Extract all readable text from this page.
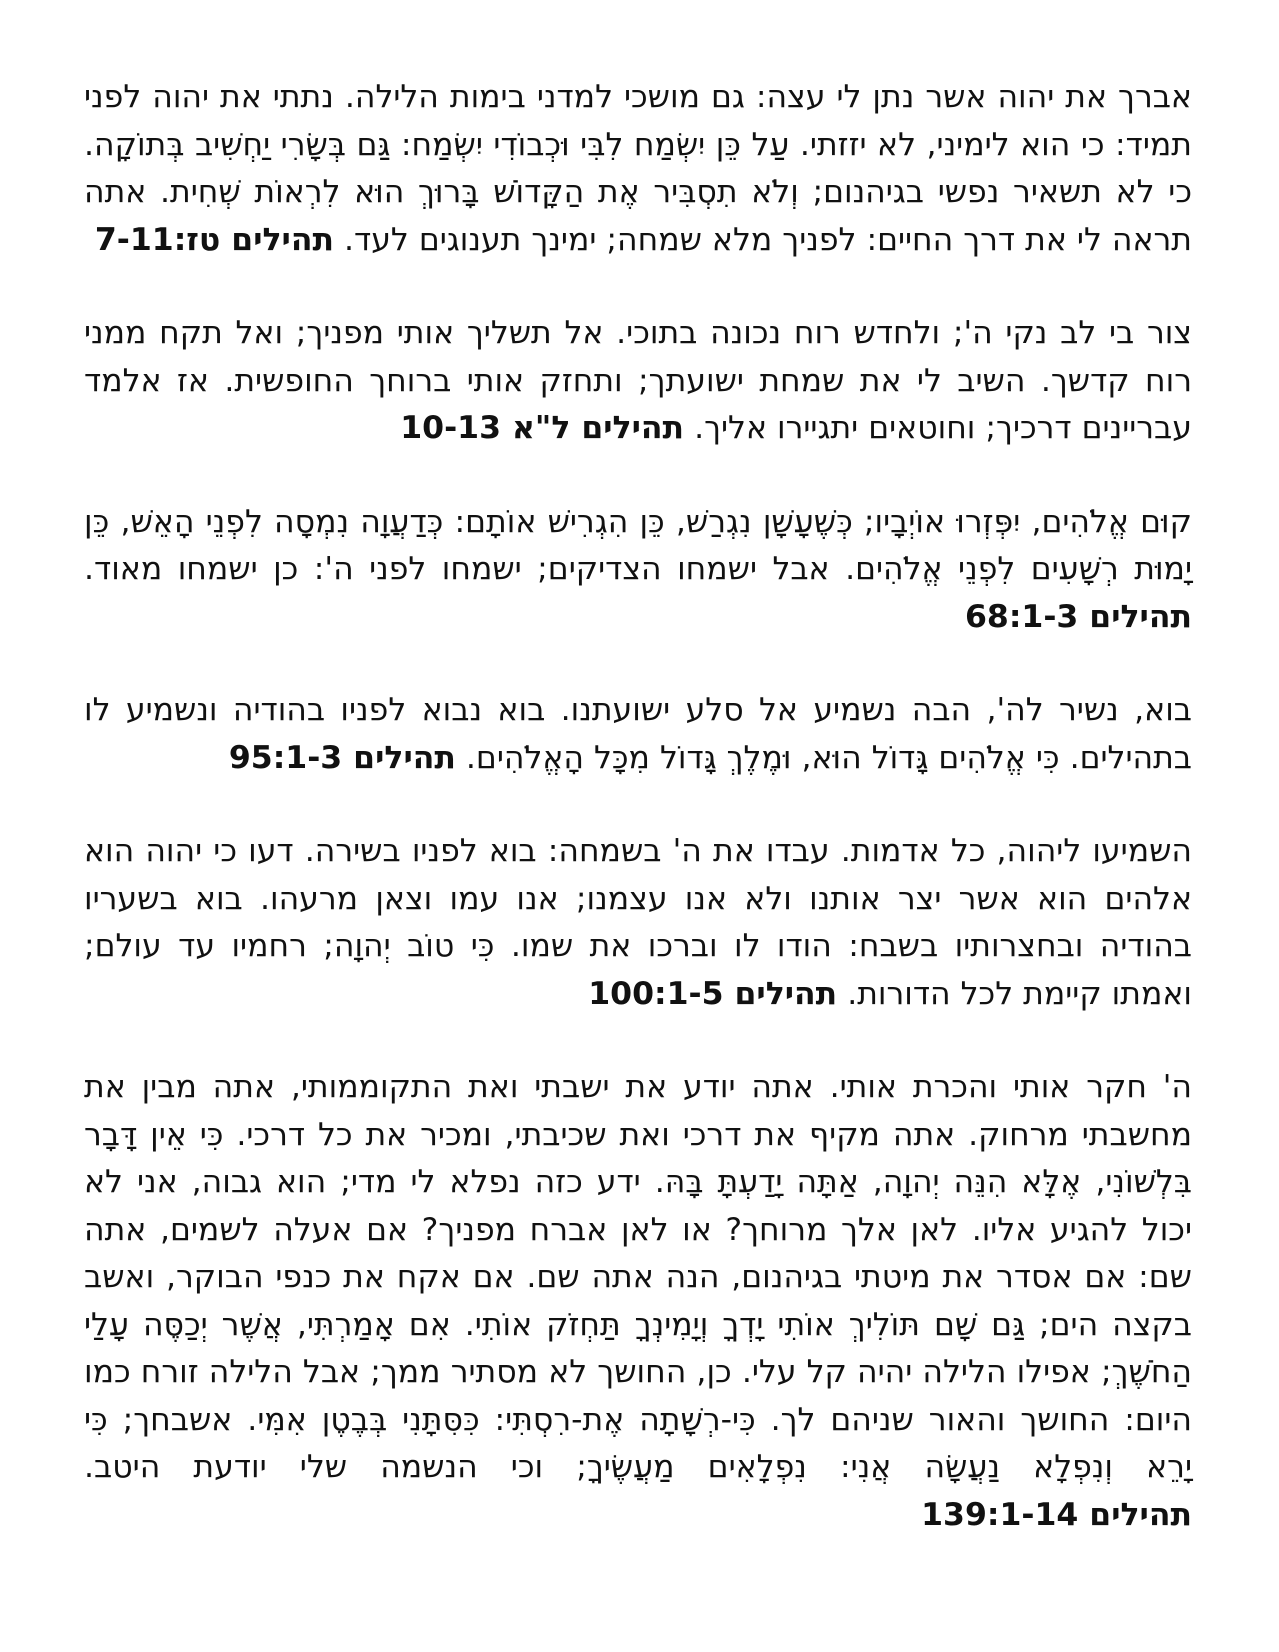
אברך את יהוה אשר נתן לי עצה: גם מושכי למדני בימות הלילה. נתתי את יהוה לפני תמיד: כי הוא לימיני, לא יזזתי. עַל כֵּן יִשְׂמַח לִבִּי וּכְבוֹדִי יִשְׂמַח: גַּם בְּשָׂרִי יַחְשִׁיב בְּתוֹקָה. כי לא תשאיר נפשי בגיהנום; וְלֹא תִסְבִּיר אֶת הַקָּדוֹשׁ בָּרוּךְ הוּא לִרְאוֹת שְׁחִית. אתה תראה לי את דרך החיים: לפניך מלא שמחה; ימינך תענוגים לעד. תהילים טז:7-11

צור בי לב נקי ה'; ולחדש רוח נכונה בתוכי. אל תשליך אותי מפניך; ואל תקח ממני רוח קדשך. השיב לי את שמחת ישועתך; ותחזק אותי ברוחך החופשית. אז אלמד עבריינים דרכיך; וחוטאים יתגיירו אליך. תהילים ל"א 10-13

קוּם אֱלֹהִים, יִפְּזְרוּ אוֹיְבָיו; כְּשֶׁעָשָׁן נִגְרַשׁ, כֵּן הִגְרִישׁ אוֹתָם: כְּדַעֲוָה נִמְסָה לִפְנֵי הָאֵשׁ, כֵּן יָמוּת רְשָׁעִים לִפְנֵי אֱלֹהִים. אבל ישמחו הצדיקים; ישמחו לפני ה': כן ישמחו מאוד. תהילים 68:1-3

בוא, נשיר לה', הבה נשמיע אל סלע ישועתנו. בוא נבוא לפניו בהודיה ונשמיע לו בתהילים. כִּי אֱלֹהִים גָּדוֹל הוּא, וּמֶלֶךְ גָּדוֹל מִכָּל הָאֱלֹהִים. תהילים 95:1-3

השמיעו ליהוה, כל אדמות. עבדו את ה' בשמחה: בוא לפניו בשירה. דעו כי יהוה הוא אלהים הוא אשר יצר אותנו ולא אנו עצמנו; אנו עמו וצאן מרעהו. בוא בשעריו בהודיה ובחצרותיו בשבח: הודו לו וברכו את שמו. כִּי טוֹב יְהוָה; רחמיו עד עולם; ואמתו קיימת לכל הדורות. תהילים 100:1-5

ה' חקר אותי והכרת אותי. אתה יודע את ישבתי ואת התקוממותי, אתה מבין את מחשבתי מרחוק. אתה מקיף את דרכי ואת שכיבתי, ומכיר את כל דרכי. כִּי אֵין דָּבָר בִּלְשׁוֹנִי, אֶלָּא הִנֵּה יְהוָה, אַתָּה יָדַעְתָּ בָּהּ. ידע כזה נפלא לי מדי; הוא גבוה, אני לא יכול להגיע אליו. לאן אלך מרוחך? או לאן אברח מפניך? אם אעלה לשמים, אתה שם: אם אסדר את מיטתי בגיהנום, הנה אתה שם. אם אקח את כנפי הבוקר, ואשב בקצה הים; גַּם שָׁם תּוֹלִיךְ אוֹתִי יָדְךָ וְיָמִינְךָ תַּחְזֹק אוֹתִי. אִם אָמַרְתִּי, אֲשֶׁר יְכַסֶּה עָלַי הַחֹשֶׁךְ; אפילו הלילה יהיה קל עלי. כן, החושך לא מסתיר ממך; אבל הלילה זורח כמו היום: החושך והאור שניהם לך. כִּי-רְשָׁתָה אֶת-רִסְתִּי: כִּסִּתָּנִי בְּבֶטֶן אִמִּי. אשבחך; כִּי יָרֵא וְנִפְלָא נַעֲשָׂה אֲנִי: נִפְלָאִים מַעֲשֶׂיךָ; וכי הנשמה שלי יודעת היטב. תהילים 139:1-14
